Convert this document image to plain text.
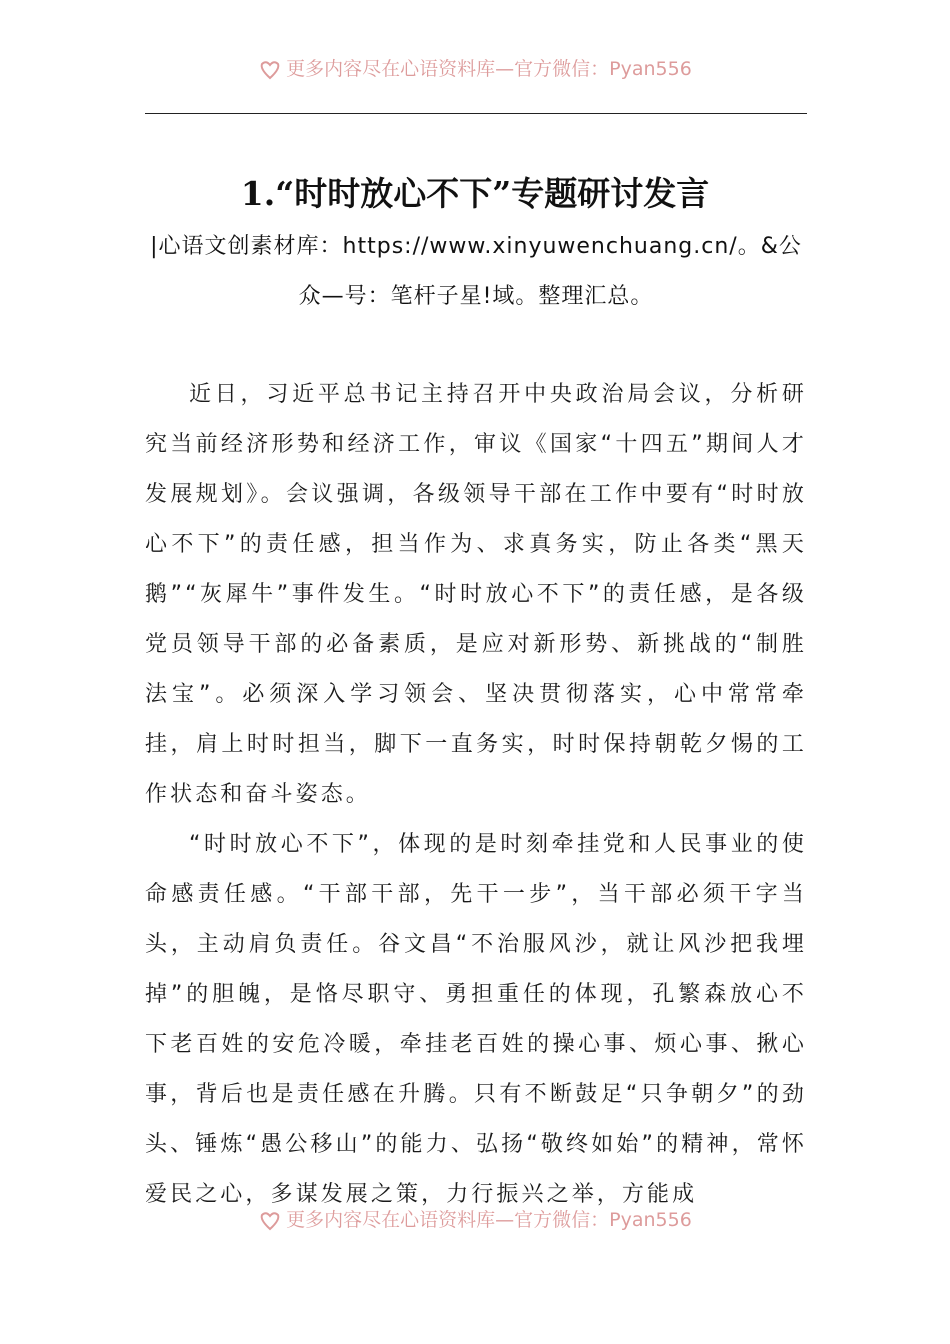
更多内容尽在心语资料库—官方微信：Pyan556
1.“时时放心不下”专题研讨发言
|心语文创素材库：https://www.xinyuwenchuang.cn/。&公众—号：笔杆子星!域。整理汇总。

近日，习近平总书记主持召开中央政治局会议，分析研究当前经济形势和经济工作，审议《国家“十四五”期间人才发展规划》。会议强调，各级领导干部在工作中要有“时时放心不下”的责任感，担当作为、求真务实，防止各类“黑天鹅”“灰犀牛”事件发生。“时时放心不下”的责任感，是各级党员领导干部的必备素质，是应对新形势、新挑战的“制胜法宝”。必须深入学习领会、坚决贯彻落实，心中常常牵挂，肩上时时担当，脚下一直务实，时时保持朝乾夕惕的工作状态和奋斗姿态。

“时时放心不下”，体现的是时刻牵挂党和人民事业的使命感责任感。“干部干部，先干一步”，当干部必须干字当头，主动肩负责任。谷文昌“不治服风沙，就让风沙把我埋掉”的胆魄，是恪尽职守、勇担重任的体现，孔繁森放心不下老百姓的安危冷暖，牵挂老百姓的操心事、烦心事、揪心事，背后也是责任感在升腾。只有不断鼓足“只争朝夕”的劲头、锤炼“愚公移山”的能力、弘扬“敬终如始”的精神，常怀爱民之心，多谋发展之策，力行振兴之举，方能成

更多内容尽在心语资料库—官方微信：Pyan556
